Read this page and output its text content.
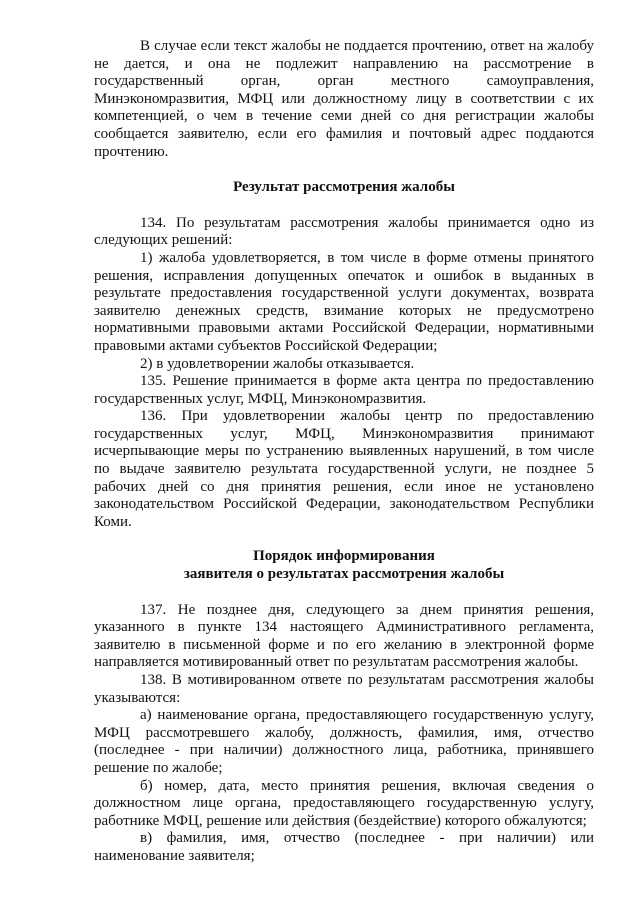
В случае если текст жалобы не поддается прочтению, ответ на жалобу не дается, и она не подлежит направлению на рассмотрение в государственный орган, орган местного самоуправления, Минэкономразвития, МФЦ или должностному лицу в соответствии с их компетенцией, о чем в течение семи дней со дня регистрации жалобы сообщается заявителю, если его фамилия и почтовый адрес поддаются прочтению.

Результат рассмотрения жалобы

134. По результатам рассмотрения жалобы принимается одно из следующих решений:

1) жалоба удовлетворяется, в том числе в форме отмены принятого решения, исправления допущенных опечаток и ошибок в выданных в результате предоставления государственной услуги документах, возврата заявителю денежных средств, взимание которых не предусмотрено нормативными правовыми актами Российской Федерации, нормативными правовыми актами субъектов Российской Федерации;

2) в удовлетворении жалобы отказывается.

135. Решение принимается в форме акта центра по предоставлению государственных услуг, МФЦ, Минэкономразвития.

136. При удовлетворении жалобы центр по предоставлению государственных услуг, МФЦ, Минэкономразвития принимают исчерпывающие меры по устранению выявленных нарушений, в том числе по выдаче заявителю результата государственной услуги, не позднее 5 рабочих дней со дня принятия решения, если иное не установлено законодательством Российской Федерации, законодательством Республики Коми.

Порядок информирования
заявителя о результатах рассмотрения жалобы

137. Не позднее дня, следующего за днем принятия решения, указанного в пункте 134 настоящего Административного регламента, заявителю в письменной форме и по его желанию в электронной форме направляется мотивированный ответ по результатам рассмотрения жалобы.

138. В мотивированном ответе по результатам рассмотрения жалобы указываются:

а) наименование органа, предоставляющего государственную услугу, МФЦ рассмотревшего жалобу, должность, фамилия, имя, отчество (последнее - при наличии) должностного лица, работника, принявшего решение по жалобе;

б) номер, дата, место принятия решения, включая сведения о должностном лице органа, предоставляющего государственную услугу, работнике МФЦ, решение или действия (бездействие) которого обжалуются;

в) фамилия, имя, отчество (последнее - при наличии) или наименование заявителя;
